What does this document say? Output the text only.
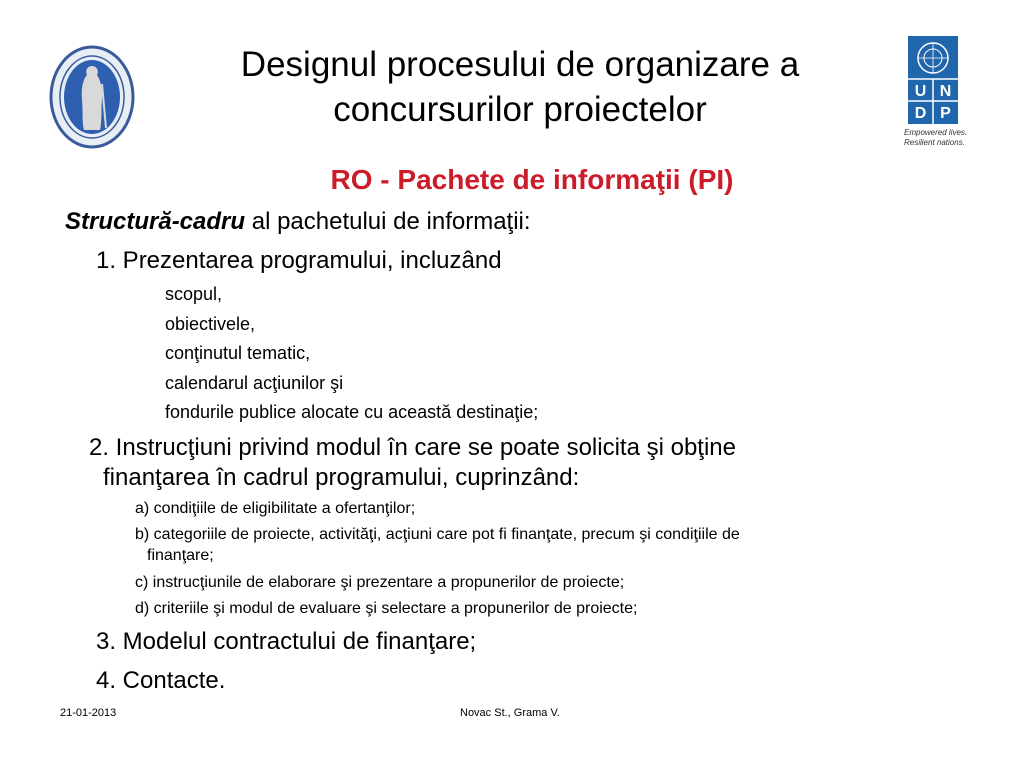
Designul procesului de organizare a
concursurilor proiectelor	U N
D P
Empowered lives.
Resilient nations.
RO - Pachete de informaţii (PI)
Structură-cadru al pachetului de informaţii:
1. Prezentarea programului, incluzând
scopul,
obiectivele,
conţinutul tematic,
calendarul acţiunilor şi
fondurile publice alocate cu această destinaţie;
2. Instrucţiuni privind modul în care se poate solicita şi obţine
finanţarea în cadrul programului, cuprinzând:
a) condiţiile de eligibilitate a ofertanţilor;
b) categoriile de proiecte, activităţi, acţiuni care pot fi finanţate, precum şi condiţiile de
finanţare;
c) instrucţiunile de elaborare şi prezentare a propunerilor de proiecte;
d) criteriile şi modul de evaluare şi selectare a propunerilor de proiecte;
3. Modelul contractului de finanţare;
4. Contacte.
21-01-2013	Novac St., Grama V.
